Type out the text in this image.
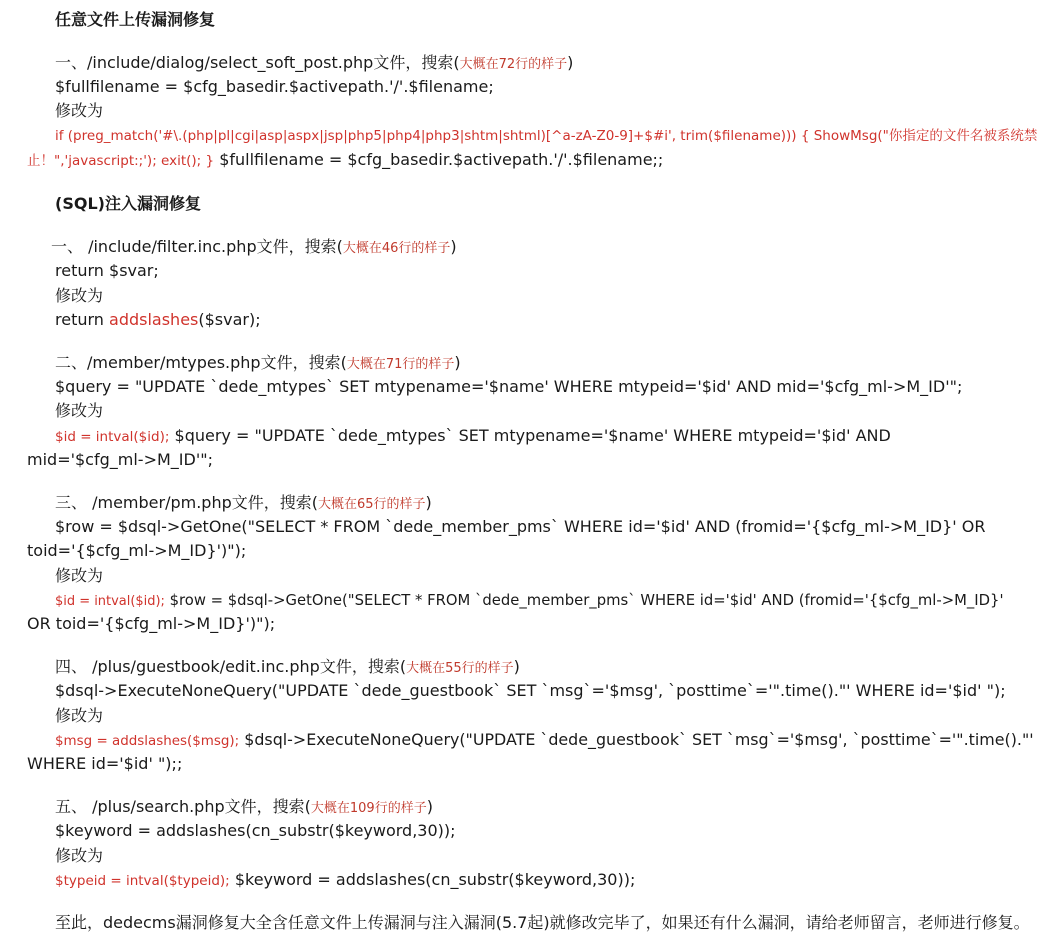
任意文件上传漏洞修复
一、/include/dialog/select_soft_post.php文件，搜索(大概在72行的样子)
$fullfilename = $cfg_basedir.$activepath.'/'.$filename;
修改为
if (preg_match('#\.(php|pl|cgi|asp|aspx|jsp|php5|php4|php3|shtm|shtml)[^a-zA-Z0-9]+$#i', trim($filename))) { ShowMsg("你指定的文件名被系统禁
止！",'javascript:;'); exit(); } $fullfilename = $cfg_basedir.$activepath.'/'.$filename;;
(SQL)注入漏洞修复
一、 /include/filter.inc.php文件，搜索(大概在46行的样子)
return $svar;
修改为
return addslashes($svar);
二、/member/mtypes.php文件，搜索(大概在71行的样子)
$query = "UPDATE `dede_mtypes` SET mtypename='$name' WHERE mtypeid='$id' AND mid='$cfg_ml->M_ID'";
修改为
$id = intval($id); $query = "UPDATE `dede_mtypes` SET mtypename='$name' WHERE mtypeid='$id' AND
mid='$cfg_ml->M_ID'";
三、 /member/pm.php文件，搜索(大概在65行的样子)
$row = $dsql->GetOne("SELECT * FROM `dede_member_pms` WHERE id='$id' AND (fromid='{$cfg_ml->M_ID}' OR
toid='{$cfg_ml->M_ID}')");
修改为
$id = intval($id); $row = $dsql->GetOne("SELECT * FROM `dede_member_pms` WHERE id='$id' AND (fromid='{$cfg_ml->M_ID}'
OR toid='{$cfg_ml->M_ID}')");
四、 /plus/guestbook/edit.inc.php文件，搜索(大概在55行的样子)
$dsql->ExecuteNoneQuery("UPDATE `dede_guestbook` SET `msg`='$msg', `posttime`='".time()."' WHERE id='$id' ");
修改为
$msg = addslashes($msg); $dsql->ExecuteNoneQuery("UPDATE `dede_guestbook` SET `msg`='$msg', `posttime`='".time()."'
WHERE id='$id' ");;
五、 /plus/search.php文件，搜索(大概在109行的样子)
$keyword = addslashes(cn_substr($keyword,30));
修改为
$typeid = intval($typeid); $keyword = addslashes(cn_substr($keyword,30));
至此，dedecms漏洞修复大全含任意文件上传漏洞与注入漏洞(5.7起)就修改完毕了，如果还有什么漏洞，请给老师留言，老师进行修复。
